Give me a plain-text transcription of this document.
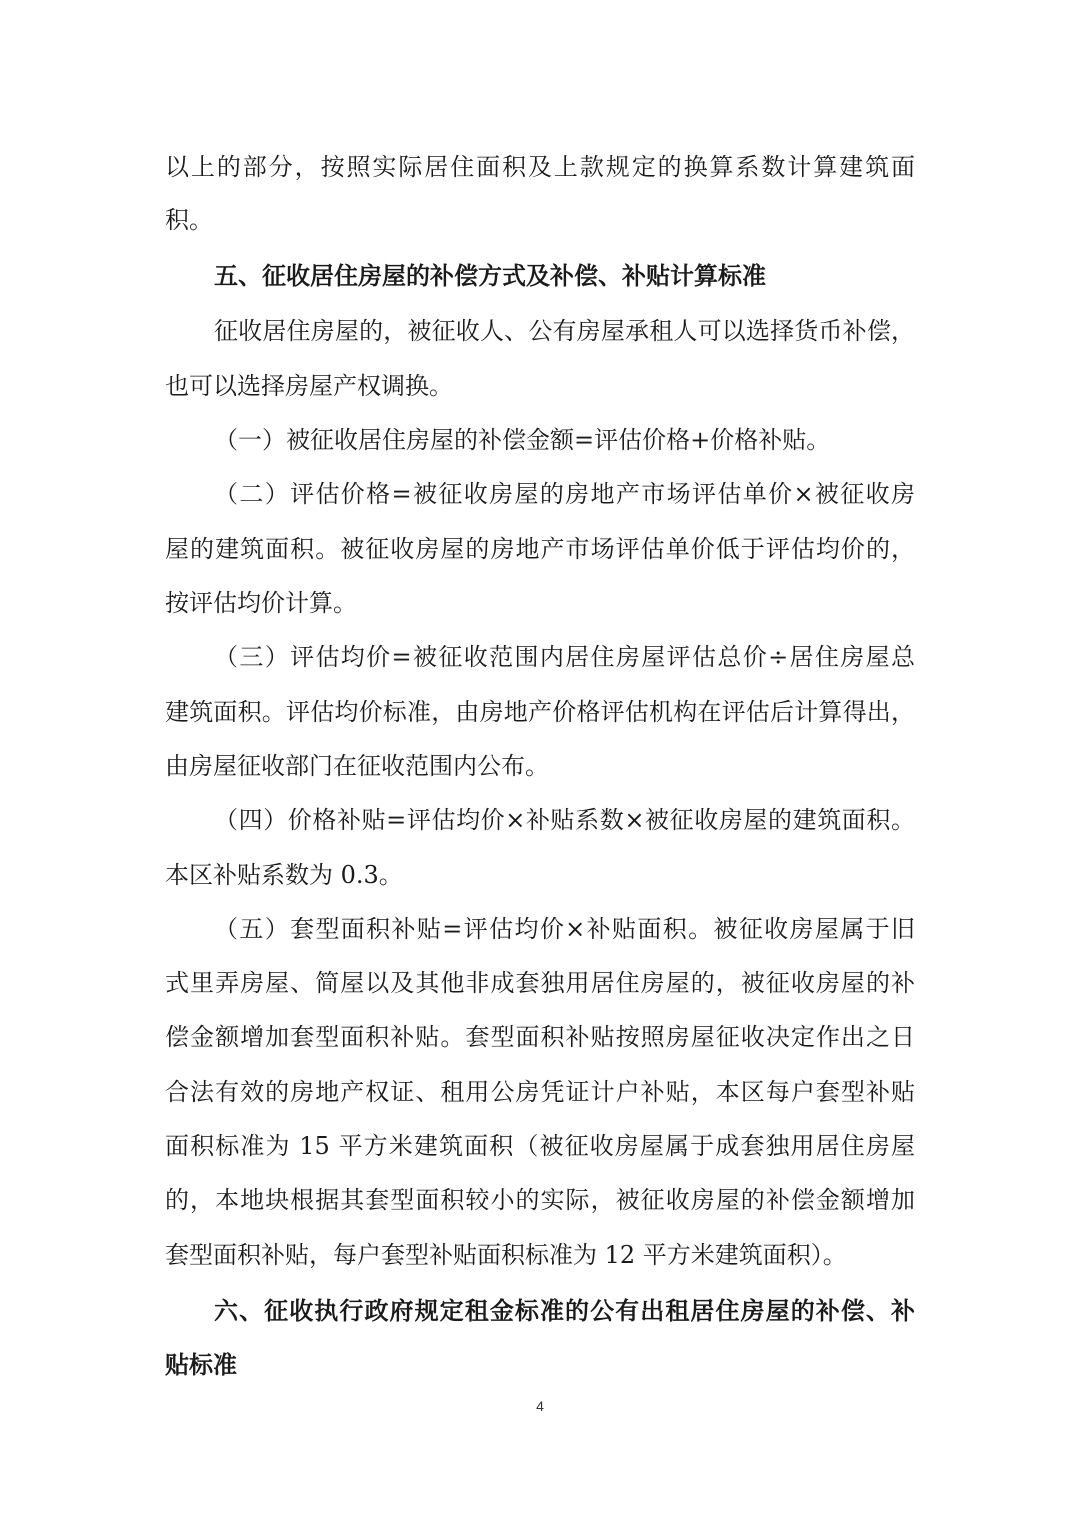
以上的部分，按照实际居住面积及上款规定的换算系数计算建筑面
积。
五、征收居住房屋的补偿方式及补偿、补贴计算标准
征收居住房屋的，被征收人、公有房屋承租人可以选择货币补偿，
也可以选择房屋产权调换。
（一）被征收居住房屋的补偿金额=评估价格+价格补贴。
（二）评估价格=被征收房屋的房地产市场评估单价×被征收房
屋的建筑面积。被征收房屋的房地产市场评估单价低于评估均价的，
按评估均价计算。
（三）评估均价=被征收范围内居住房屋评估总价÷居住房屋总
建筑面积。评估均价标准，由房地产价格评估机构在评估后计算得出，
由房屋征收部门在征收范围内公布。
（四）价格补贴=评估均价×补贴系数×被征收房屋的建筑面积。
本区补贴系数为 0.3。
（五）套型面积补贴=评估均价×补贴面积。被征收房屋属于旧
式里弄房屋、简屋以及其他非成套独用居住房屋的，被征收房屋的补
偿金额增加套型面积补贴。套型面积补贴按照房屋征收决定作出之日
合法有效的房地产权证、租用公房凭证计户补贴，本区每户套型补贴
面积标准为 15 平方米建筑面积（被征收房屋属于成套独用居住房屋
的，本地块根据其套型面积较小的实际，被征收房屋的补偿金额增加
套型面积补贴，每户套型补贴面积标准为 12 平方米建筑面积）。
六、征收执行政府规定租金标准的公有出租居住房屋的补偿、补
贴标准
4
